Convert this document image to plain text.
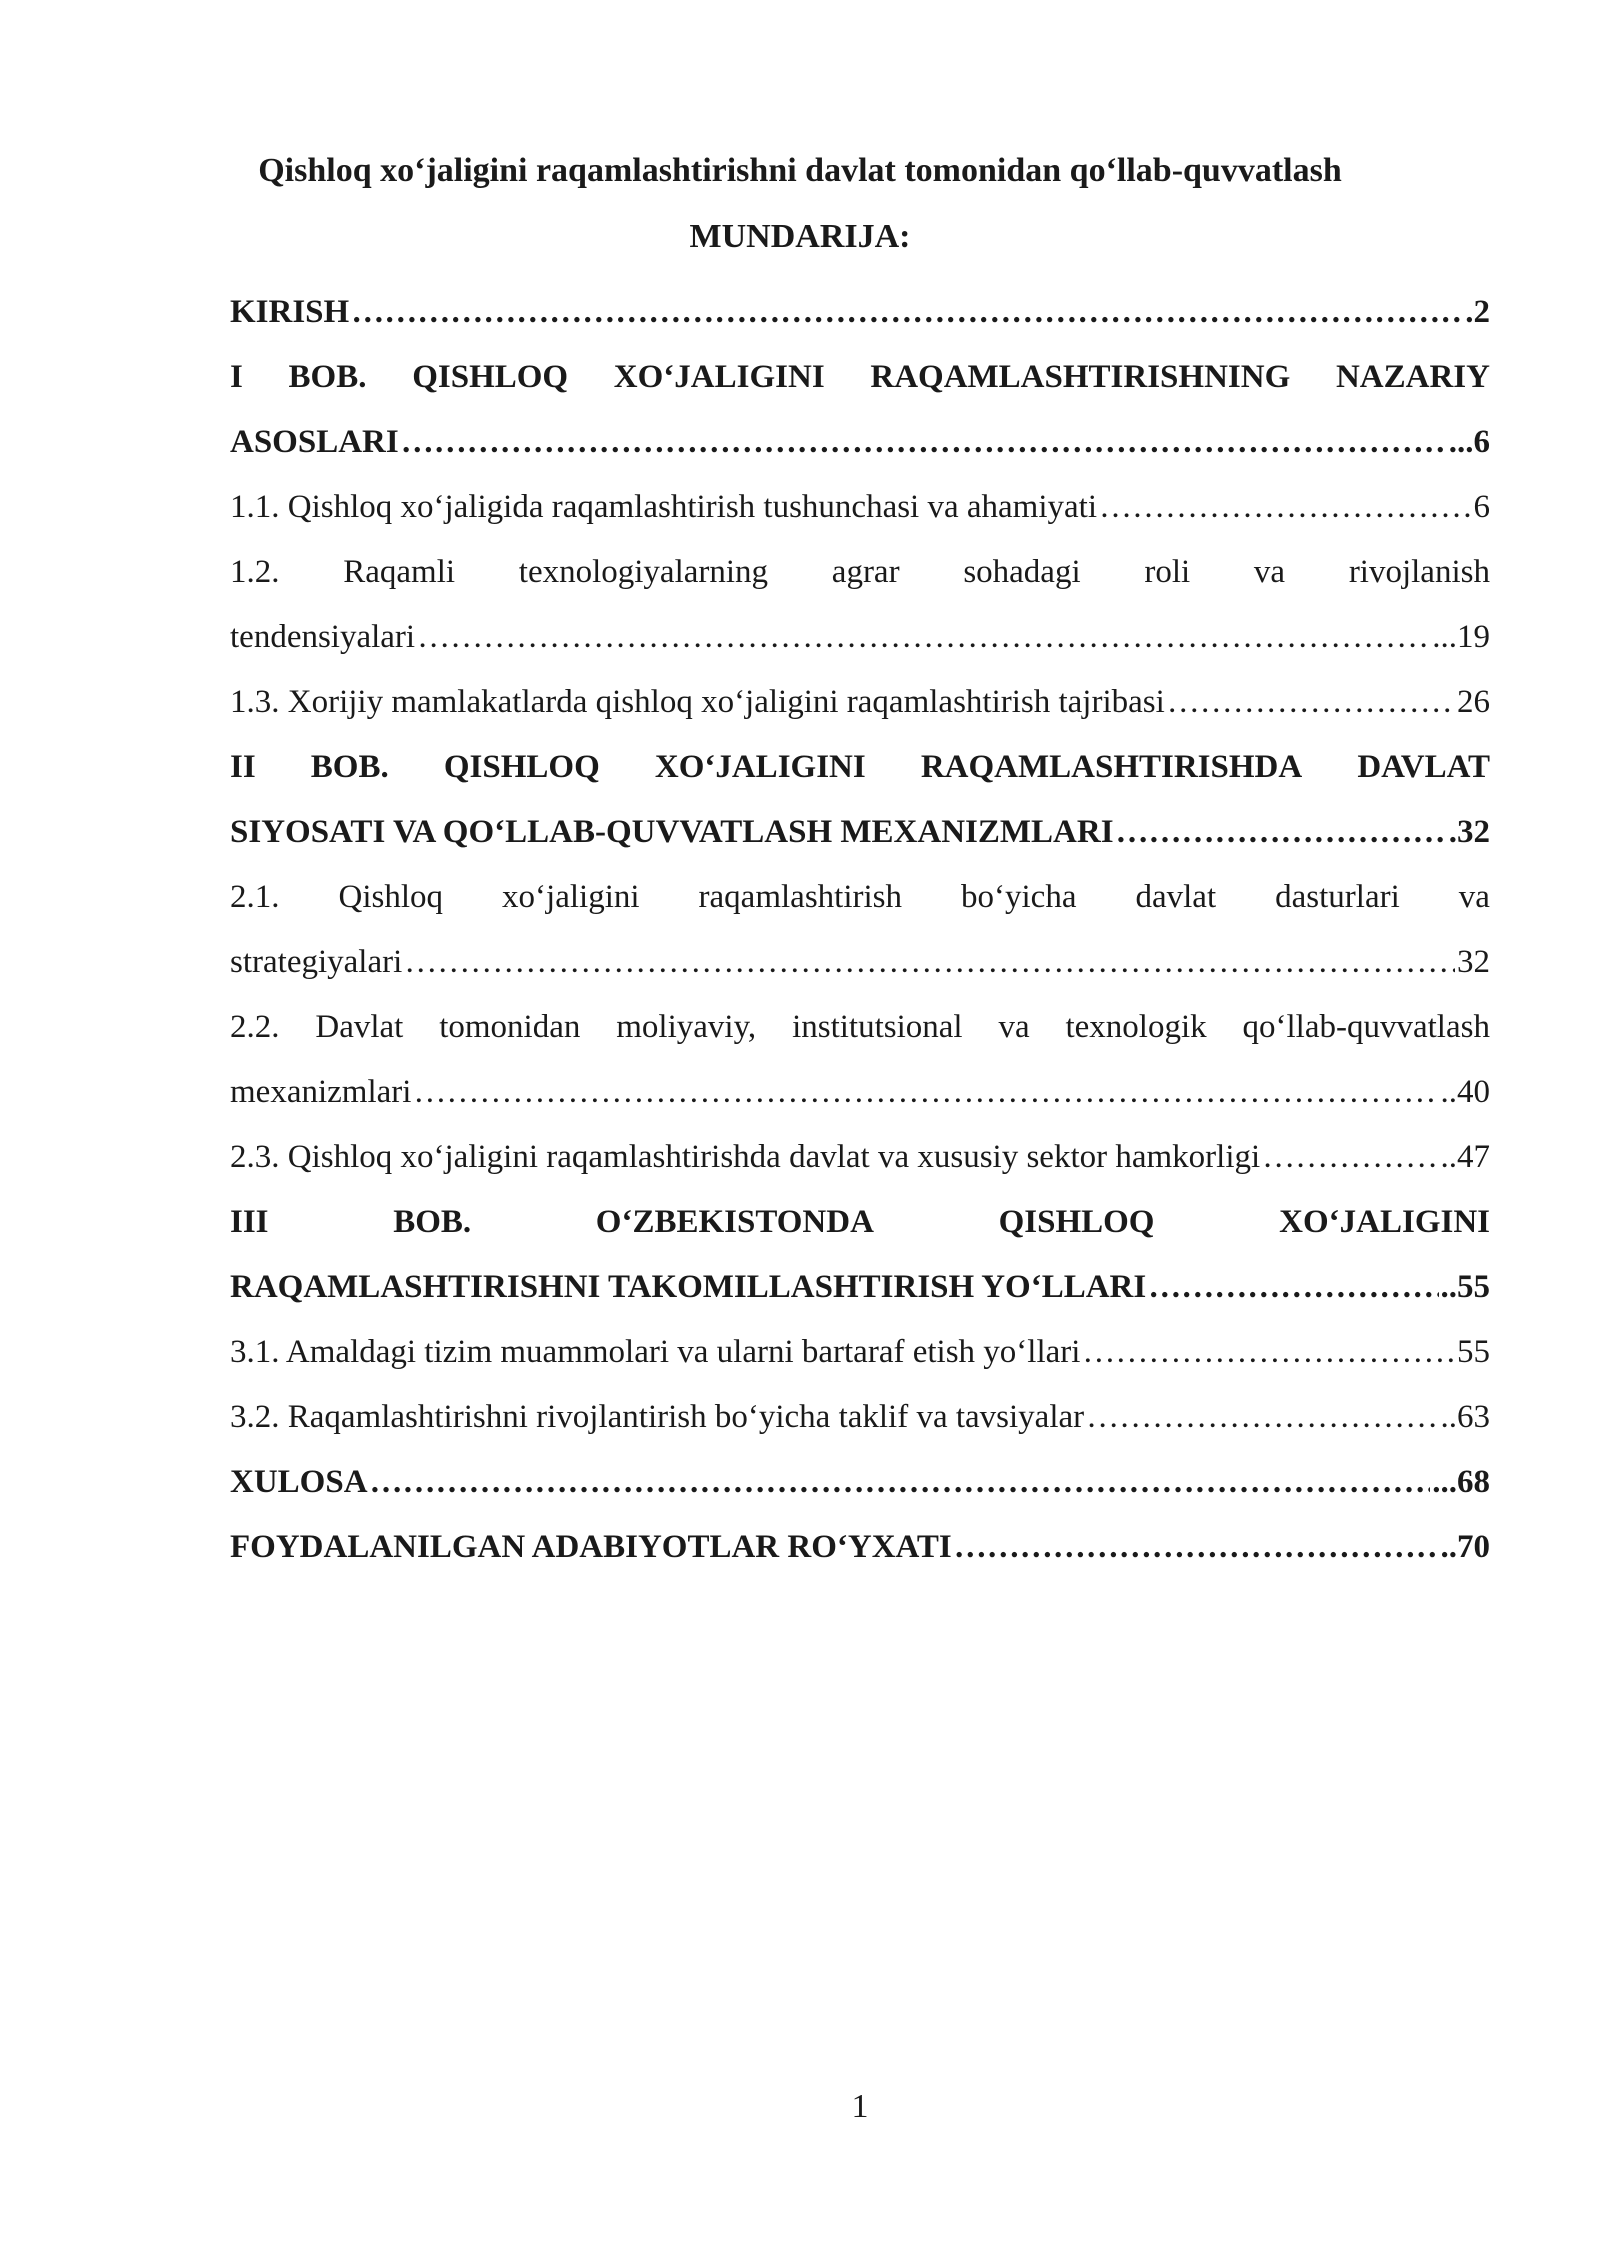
Qishloq xo‘jaligini raqamlashtirishni davlat tomonidan qo‘llab-quvvatlash
MUNDARIJA:
KIRISH …………………………………………………………………………………………………………………………………………………………………	.2
I BOB. QISHLOQ XO‘JALIGINI RAQAMLASHTIRISHNING NAZARIY
ASOSLARI …………………………………………………………………………………………………………………………………………………………………	...6
1.1. Qishloq xo‘jaligida raqamlashtirish tushunchasi va ahamiyati …………………………………………………………………………………………………………………………………………………………………	6
1.2. Raqamli texnologiyalarning agrar sohadagi roli va rivojlanish
tendensiyalari …………………………………………………………………………………………………………………………………………………………………	...19
1.3. Xorijiy mamlakatlarda qishloq xo‘jaligini raqamlashtirish tajribasi …………………………………………………………………………………………………………………………………………………………………	26
II BOB. QISHLOQ XO‘JALIGINI RAQAMLASHTIRISHDA DAVLAT
SIYOSATI VA QO‘LLAB-QUVVATLASH MEXANIZMLARI …………………………………………………………………………………………………………………………………………………………………	.32
2.1. Qishloq xo‘jaligini raqamlashtirish bo‘yicha davlat dasturlari va
strategiyalari …………………………………………………………………………………………………………………………………………………………………	32
2.2. Davlat tomonidan moliyaviy, institutsional va texnologik qo‘llab-quvvatlash
mexanizmlari …………………………………………………………………………………………………………………………………………………………………	..40
2.3. Qishloq xo‘jaligini raqamlashtirishda davlat va xususiy sektor hamkorligi …………………………………………………………………………………………………………………………………………………………………	..47
III	BOB.	O‘ZBEKISTONDA	QISHLOQ	XO‘JALIGINI
RAQAMLASHTIRISHNI TAKOMILLASHTIRISH YO‘LLARI …………………………………………………………………………………………………………………………………………………………………	..55
3.1. Amaldagi tizim muammolari va ularni bartaraf etish yo‘llari …………………………………………………………………………………………………………………………………………………………………	55
3.2. Raqamlashtirishni rivojlantirish bo‘yicha taklif va tavsiyalar …………………………………………………………………………………………………………………………………………………………………	..63
XULOSA …………………………………………………………………………………………………………………………………………………………………	...68
FOYDALANILGAN ADABIYOTLAR RO‘YXATI …………………………………………………………………………………………………………………………………………………………………	..70
1
